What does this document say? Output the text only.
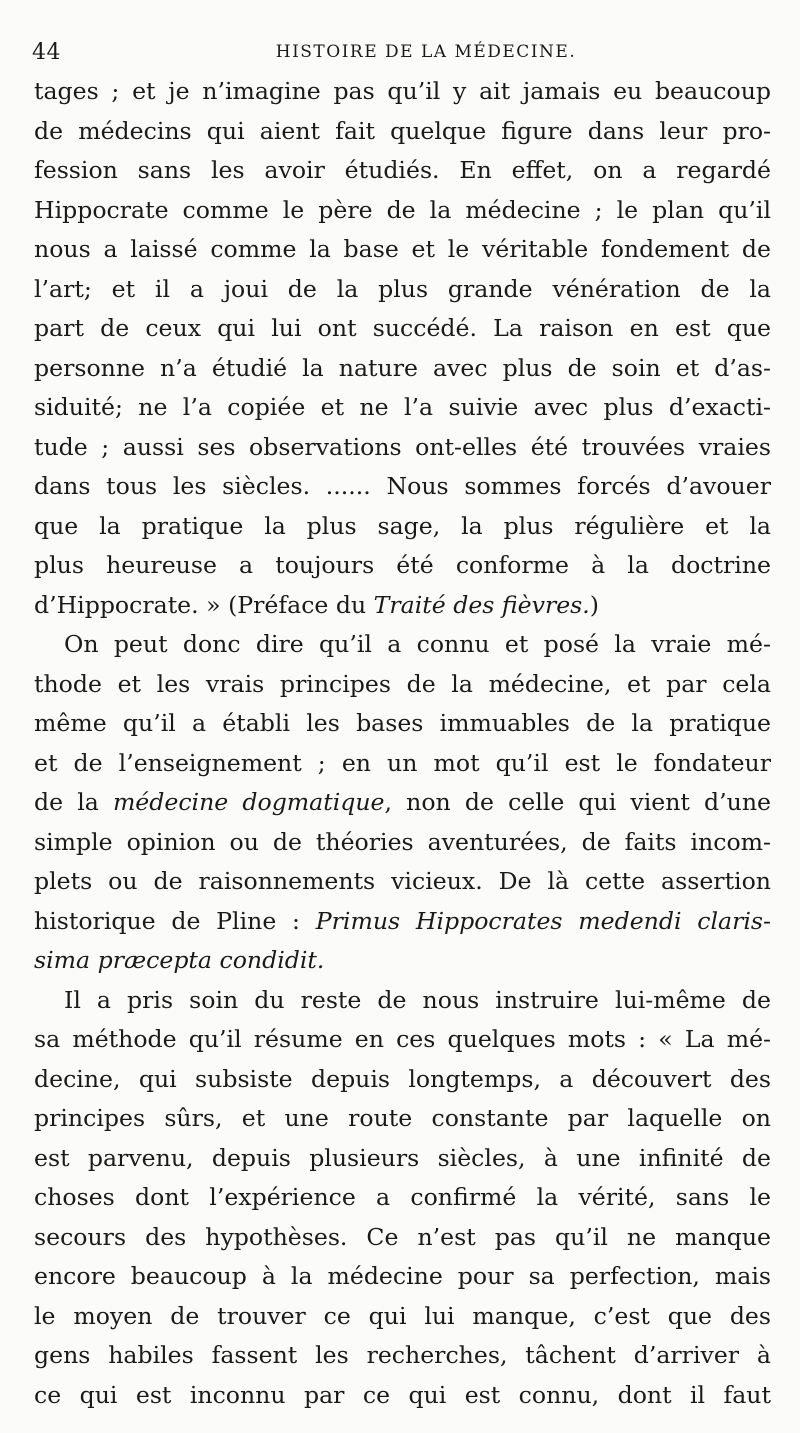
44	HISTOIRE DE LA MÉDECINE.
tages ; et je n’imagine pas qu’il y ait jamais eu beaucoup
de médecins qui aient fait quelque figure dans leur pro-
fession sans les avoir étudiés. En effet, on a regardé
Hippocrate comme le père de la médecine ; le plan qu’il
nous a laissé comme la base et le véritable fondement de
l’art; et il a joui de la plus grande vénération de la
part de ceux qui lui ont succédé. La raison en est que
personne n’a étudié la nature avec plus de soin et d’as-
siduité; ne l’a copiée et ne l’a suivie avec plus d’exacti-
tude ; aussi ses observations ont-elles été trouvées vraies
dans tous les siècles. ...... Nous sommes forcés d’avouer
que la pratique la plus sage, la plus régulière et la
plus heureuse a toujours été conforme à la doctrine
d’Hippocrate. » (Préface du Traité des fièvres.)
On peut donc dire qu’il a connu et posé la vraie mé-
thode et les vrais principes de la médecine, et par cela
même qu’il a établi les bases immuables de la pratique
et de l’enseignement ; en un mot qu’il est le fondateur
de la médecine dogmatique, non de celle qui vient d’une
simple opinion ou de théories aventurées, de faits incom-
plets ou de raisonnements vicieux. De là cette assertion
historique de Pline : Primus Hippocrates medendi claris-
sima præcepta condidit.
Il a pris soin du reste de nous instruire lui-même de
sa méthode qu’il résume en ces quelques mots : « La mé-
decine, qui subsiste depuis longtemps, a découvert des
principes sûrs, et une route constante par laquelle on
est parvenu, depuis plusieurs siècles, à une infinité de
choses dont l’expérience a confirmé la vérité, sans le
secours des hypothèses. Ce n’est pas qu’il ne manque
encore beaucoup à la médecine pour sa perfection, mais
le moyen de trouver ce qui lui manque, c’est que des
gens habiles fassent les recherches, tâchent d’arriver à
ce qui est inconnu par ce qui est connu, dont il faut
